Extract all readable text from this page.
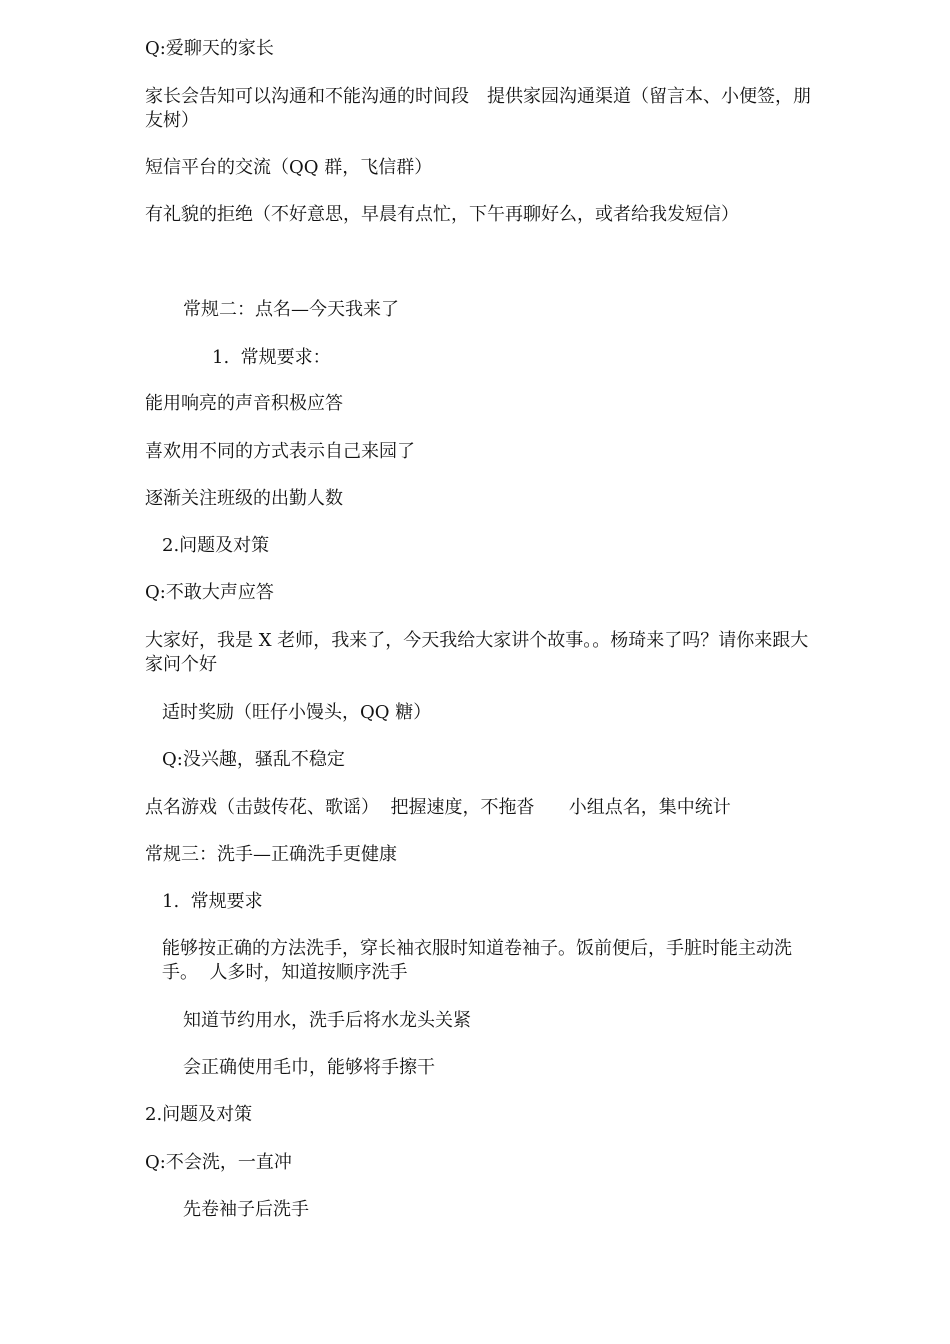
Q:爱聊天的家长

家长会告知可以沟通和不能沟通的时间段　提供家园沟通渠道（留言本、小便签，朋友树）

短信平台的交流（QQ 群，飞信群）

有礼貌的拒绝（不好意思，早晨有点忙，下午再聊好么，或者给我发短信）

常规二：点名—今天我来了

1.  常规要求：

能用响亮的声音积极应答

喜欢用不同的方式表示自己来园了

逐渐关注班级的出勤人数

2.问题及对策

Q:不敢大声应答

大家好，我是 X 老师，我来了，今天我给大家讲个故事。。杨琦来了吗？请你来跟大家问个好

适时奖励（旺仔小馒头，QQ 糖）

Q:没兴趣，骚乱不稳定

点名游戏（击鼓传花、歌谣）  把握速度，不拖沓      小组点名，集中统计

常规三：洗手—正确洗手更健康

1.  常规要求

能够按正确的方法洗手，穿长袖衣服时知道卷袖子。饭前便后，手脏时能主动洗手。  人多时，知道按顺序洗手

知道节约用水，洗手后将水龙头关紧

会正确使用毛巾，能够将手擦干

2.问题及对策

Q:不会洗，一直冲

先卷袖子后洗手
